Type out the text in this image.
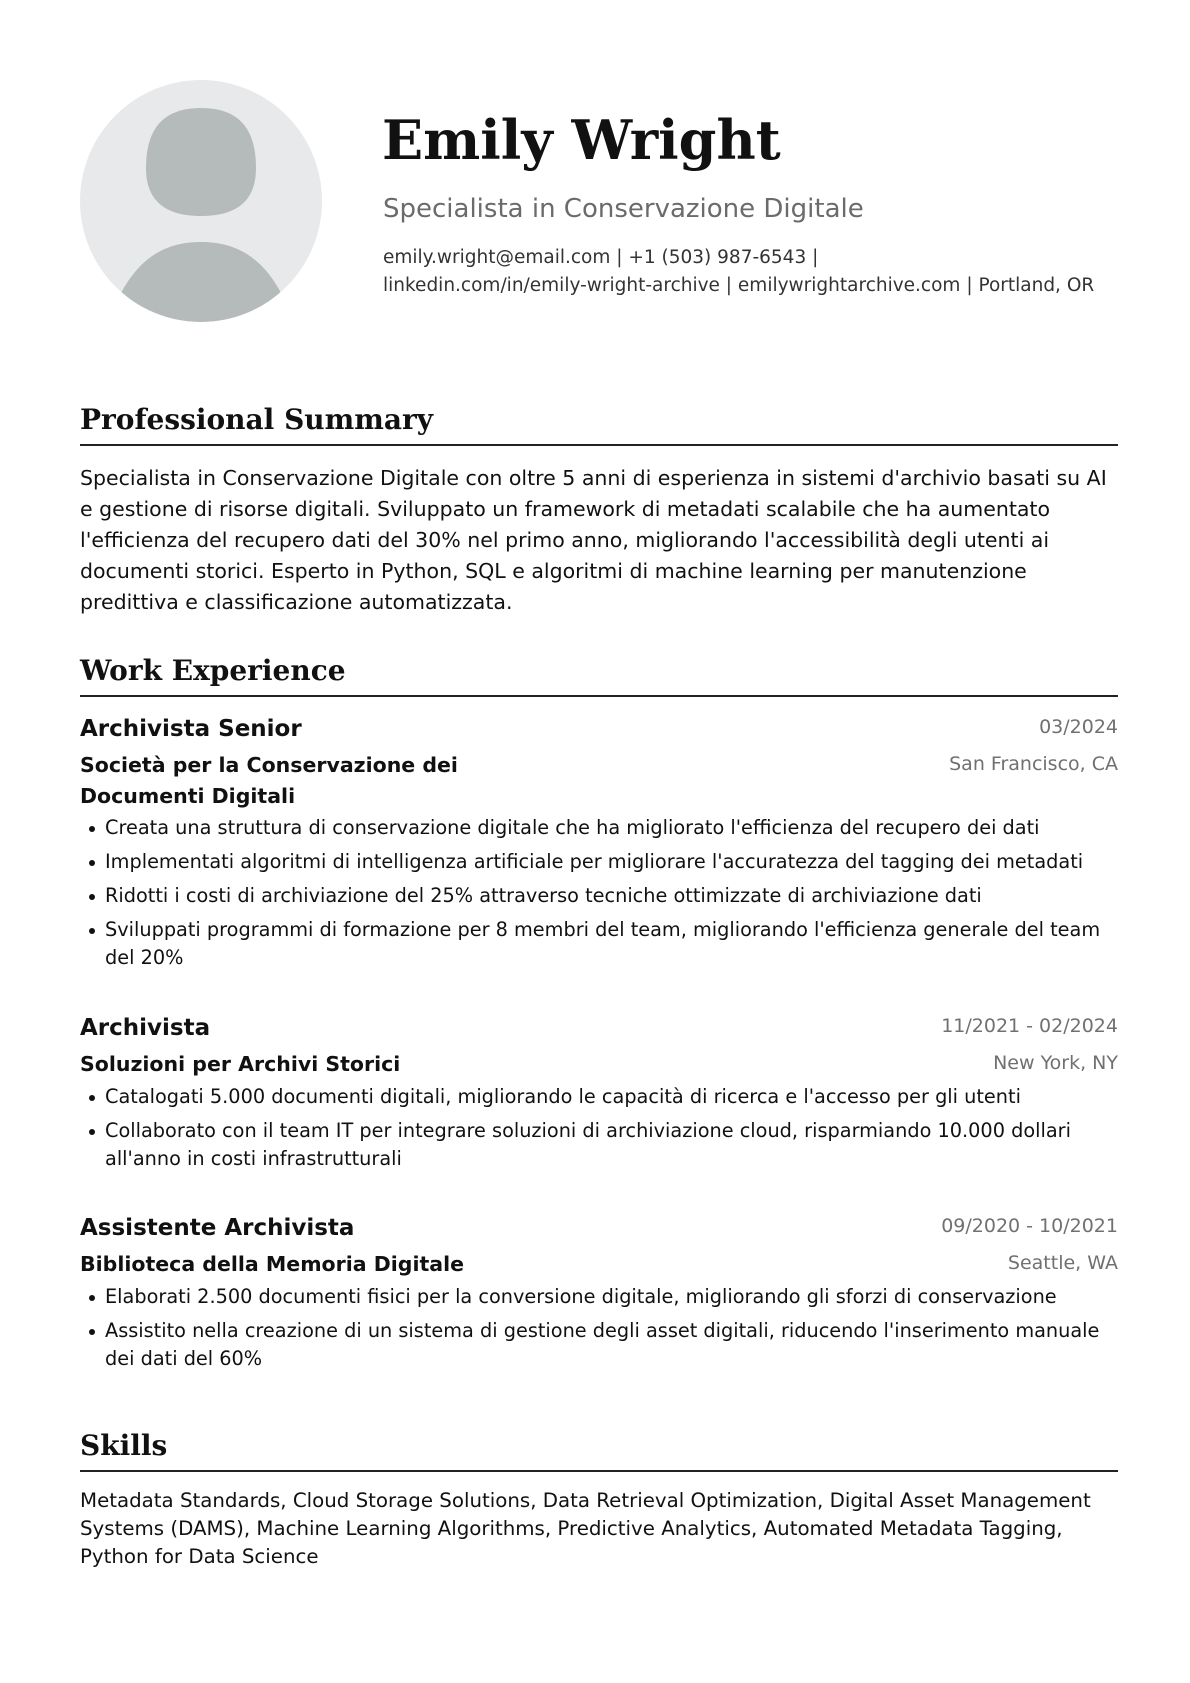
Emily Wright
Specialista in Conservazione Digitale
emily.wright@email.com | +1 (503) 987-6543 |
linkedin.com/in/emily-wright-archive | emilywrightarchive.com | Portland, OR
Professional Summary
Specialista in Conservazione Digitale con oltre 5 anni di esperienza in sistemi d'archivio basati su AI e gestione di risorse digitali. Sviluppato un framework di metadati scalabile che ha aumentato l'efficienza del recupero dati del 30% nel primo anno, migliorando l'accessibilità degli utenti ai documenti storici. Esperto in Python, SQL e algoritmi di machine learning per manutenzione predittiva e classificazione automatizzata.
Work Experience
Archivista Senior	03/2024
Società per la Conservazione dei Documenti Digitali
San Francisco, CA
Creata una struttura di conservazione digitale che ha migliorato l'efficienza del recupero dei dati
Implementati algoritmi di intelligenza artificiale per migliorare l'accuratezza del tagging dei metadati
Ridotti i costi di archiviazione del 25% attraverso tecniche ottimizzate di archiviazione dati
Sviluppati programmi di formazione per 8 membri del team, migliorando l'efficienza generale del team del 20%
Archivista	11/2021 - 02/2024
Soluzioni per Archivi Storici	New York, NY
Catalogati 5.000 documenti digitali, migliorando le capacità di ricerca e l'accesso per gli utenti
Collaborato con il team IT per integrare soluzioni di archiviazione cloud, risparmiando 10.000 dollari all'anno in costi infrastrutturali
Assistente Archivista	09/2020 - 10/2021
Biblioteca della Memoria Digitale	Seattle, WA
Elaborati 2.500 documenti fisici per la conversione digitale, migliorando gli sforzi di conservazione
Assistito nella creazione di un sistema di gestione degli asset digitali, riducendo l'inserimento manuale dei dati del 60%
Skills
Metadata Standards, Cloud Storage Solutions, Data Retrieval Optimization, Digital Asset Management Systems (DAMS), Machine Learning Algorithms, Predictive Analytics, Automated Metadata Tagging, Python for Data Science
